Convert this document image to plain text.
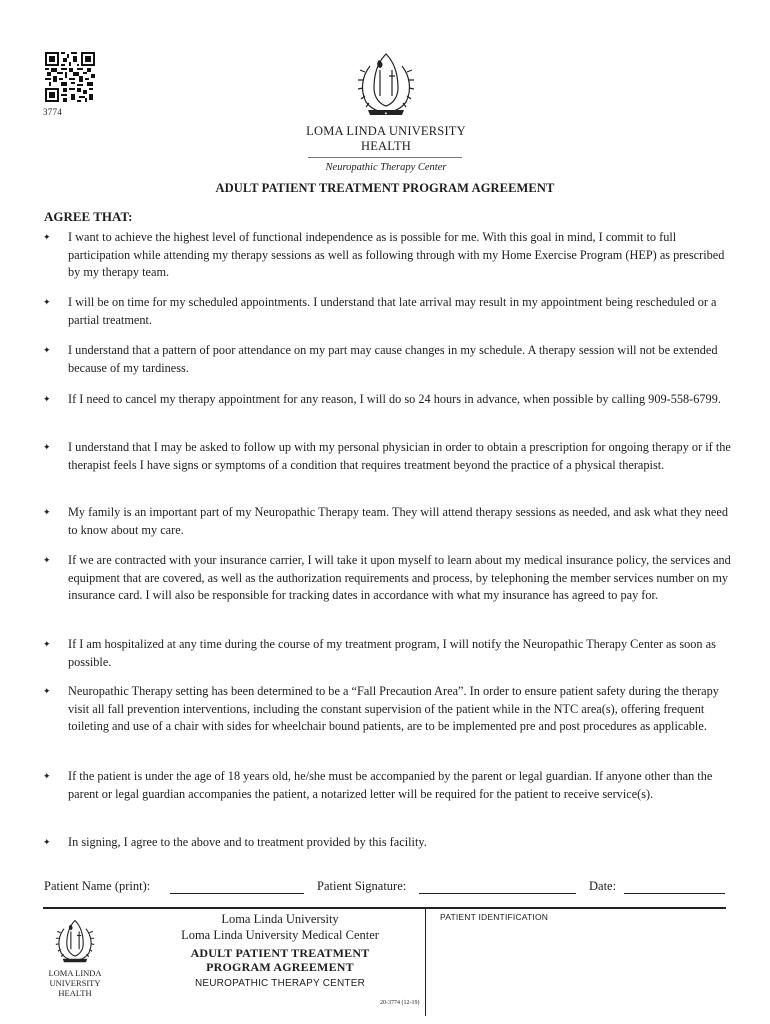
3774	◆
LOMA LINDA UNIVERSITY
HEALTH
Neuropathic Therapy Center
ADULT PATIENT TREATMENT PROGRAM AGREEMENT
AGREE THAT:
✦ I want to achieve the highest level of functional independence as is possible for me. With this goal in mind, I commit to full participation while attending my therapy sessions as well as following through with my Home Exercise Program (HEP) as prescribed by my therapy team.
✦ I will be on time for my scheduled appointments. I understand that late arrival may result in my appointment being rescheduled or a partial treatment.
✦ I understand that a pattern of poor attendance on my part may cause changes in my schedule. A therapy session will not be extended because of my tardiness.
✦ If I need to cancel my therapy appointment for any reason, I will do so 24 hours in advance, when possible by calling 909-558-6799.
✦ I understand that I may be asked to follow up with my personal physician in order to obtain a prescription for ongoing therapy or if the therapist feels I have signs or symptoms of a condition that requires treatment beyond the practice of a physical therapist.
✦ My family is an important part of my Neuropathic Therapy team. They will attend therapy sessions as needed, and ask what they need to know about my care.
✦ If we are contracted with your insurance carrier, I will take it upon myself to learn about my medical insurance policy, the services and equipment that are covered, as well as the authorization requirements and process, by telephoning the member services number on my insurance card. I will also be responsible for tracking dates in accordance with what my insurance has agreed to pay for.
✦ If I am hospitalized at any time during the course of my treatment program, I will notify the Neuropathic Therapy Center as soon as possible.
✦ Neuropathic Therapy setting has been determined to be a “Fall Precaution Area”. In order to ensure patient safety during the therapy visit all fall prevention interventions, including the constant supervision of the patient while in the NTC area(s), offering frequent toileting and use of a chair with sides for wheelchair bound patients, are to be implemented pre and post procedures as applicable.
✦ If the patient is under the age of 18 years old, he/she must be accompanied by the parent or legal guardian. If anyone other than the parent or legal guardian accompanies the patient, a notarized letter will be required for the patient to receive service(s).
✦ In signing, I agree to the above and to treatment provided by this facility.
Patient Name (print):	Patient Signature:	Date:
LOMA LINDA
UNIVERSITY
HEALTH
Loma Linda University
Loma Linda University Medical Center
ADULT PATIENT TREATMENT
PROGRAM AGREEMENT
NEUROPATHIC THERAPY CENTER
PATIENT IDENTIFICATION
20-3774 (12-19)
